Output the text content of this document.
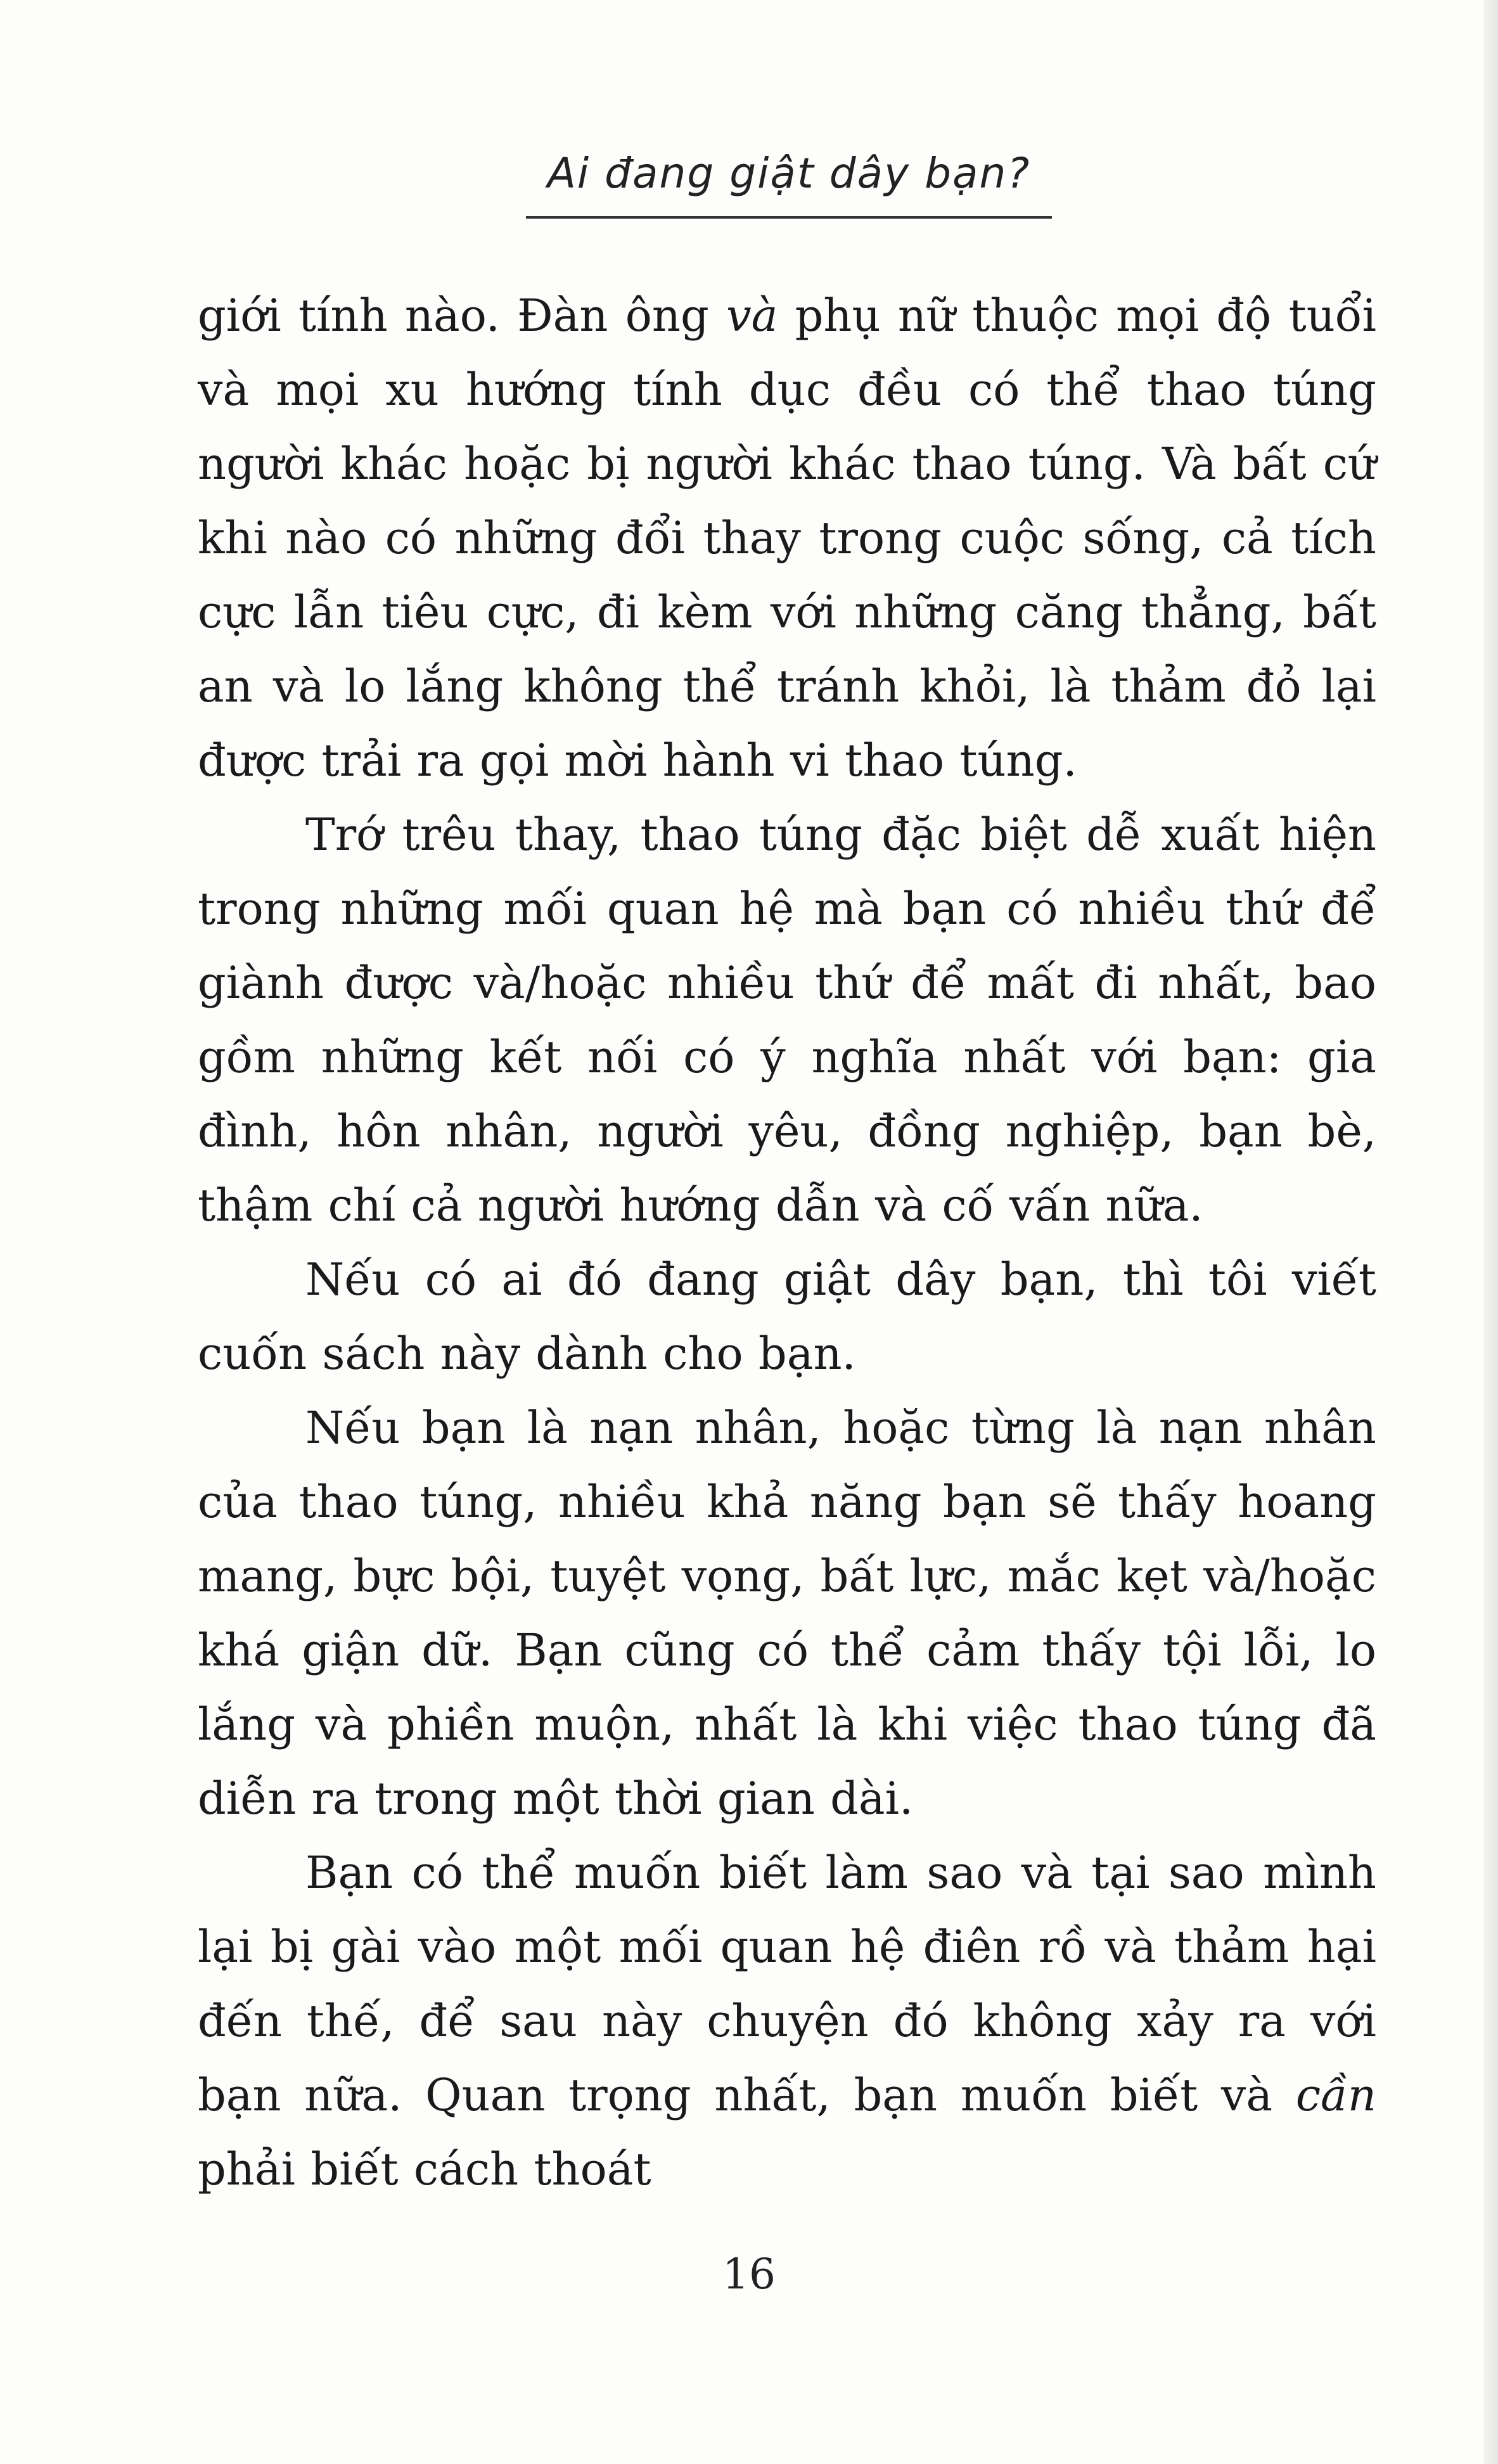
Ai đang giật dây bạn?

giới tính nào. Đàn ông và phụ nữ thuộc mọi độ tuổi và mọi xu hướng tính dục đều có thể thao túng người khác hoặc bị người khác thao túng. Và bất cứ khi nào có những đổi thay trong cuộc sống, cả tích cực lẫn tiêu cực, đi kèm với những căng thẳng, bất an và lo lắng không thể tránh khỏi, là thảm đỏ lại được trải ra gọi mời hành vi thao túng.

Trớ trêu thay, thao túng đặc biệt dễ xuất hiện trong những mối quan hệ mà bạn có nhiều thứ để giành được và/hoặc nhiều thứ để mất đi nhất, bao gồm những kết nối có ý nghĩa nhất với bạn: gia đình, hôn nhân, người yêu, đồng nghiệp, bạn bè, thậm chí cả người hướng dẫn và cố vấn nữa.

Nếu có ai đó đang giật dây bạn, thì tôi viết cuốn sách này dành cho bạn.

Nếu bạn là nạn nhân, hoặc từng là nạn nhân của thao túng, nhiều khả năng bạn sẽ thấy hoang mang, bực bội, tuyệt vọng, bất lực, mắc kẹt và/hoặc khá giận dữ. Bạn cũng có thể cảm thấy tội lỗi, lo lắng và phiền muộn, nhất là khi việc thao túng đã diễn ra trong một thời gian dài.

Bạn có thể muốn biết làm sao và tại sao mình lại bị gài vào một mối quan hệ điên rồ và thảm hại đến thế, để sau này chuyện đó không xảy ra với bạn nữa. Quan trọng nhất, bạn muốn biết và cần phải biết cách thoát

16
